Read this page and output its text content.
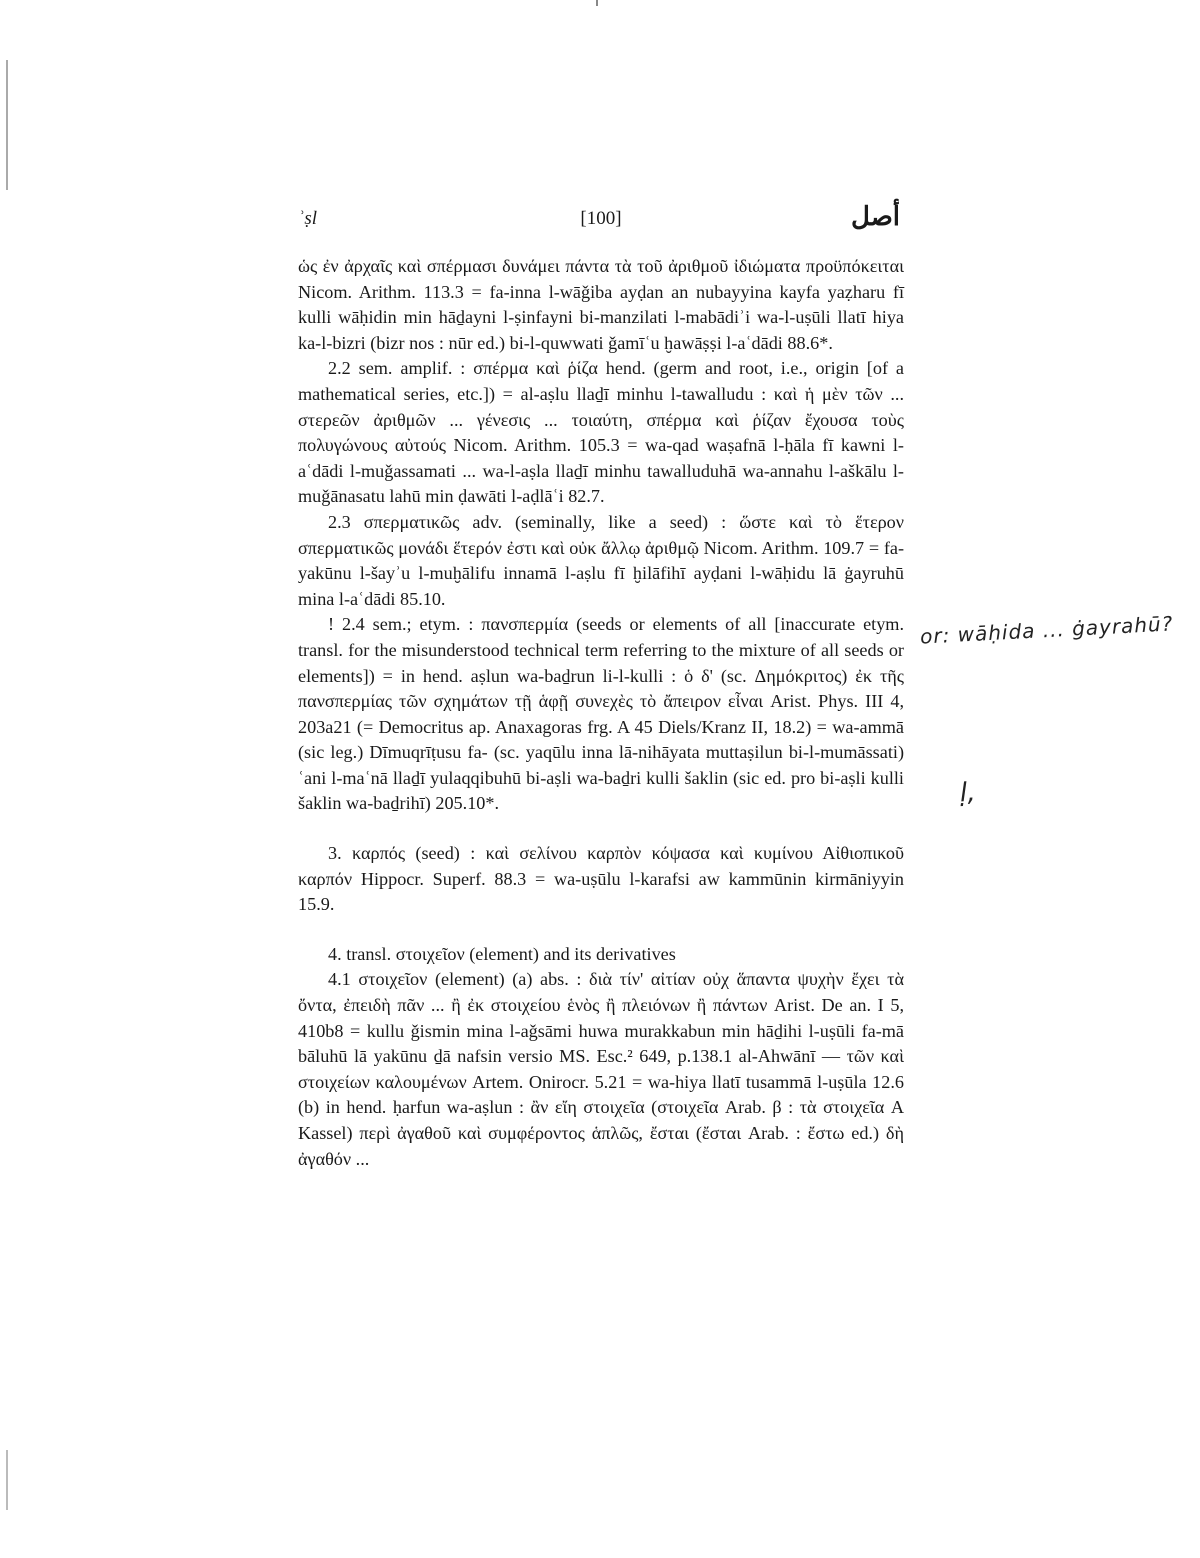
ʾṣl	[100]	أصل

ὡς ἐν ἀρχαῖς καὶ σπέρμασι δυνάμει πάντα τὰ τοῦ ἀριθμοῦ ἰδιώματα προϋπόκειται Nicom. Arithm. 113.3 = fa-inna l-wāǧiba ayḍan an nubayyina kayfa yaẓharu fī kulli wāḥidin min hāḏayni l-ṣinfayni bi-manzilati l-mabādiʾi wa-l-uṣūli llatī hiya ka-l-bizri (bizr nos : nūr ed.) bi-l-quwwati ǧamīʿu ḫawāṣṣi l-aʿdādi 88.6*.

2.2 sem. amplif. : σπέρμα καὶ ῥίζα hend. (germ and root, i.e., origin [of a mathematical series, etc.]) = al-aṣlu llaḏī minhu l-tawalludu : καὶ ἡ μὲν τῶν ... στερεῶν ἀριθμῶν ... γένεσις ... τοιαύτη, σπέρμα καὶ ῥίζαν ἔχουσα τοὺς πολυγώνους αὐτούς Nicom. Arithm. 105.3 = wa-qad waṣafnā l-ḥāla fī kawni l-aʿdādi l-muǧassamati ... wa-l-aṣla llaḏī minhu tawalluduhā wa-annahu l-aškālu l-muǧānasatu lahū min ḍawāti l-aḍlāʿi 82.7.

2.3 σπερματικῶς adv. (seminally, like a seed) : ὥστε καὶ τὸ ἕτερον σπερματικῶς μονάδι ἕτερόν ἐστι καὶ οὐκ ἄλλῳ ἀριθμῷ Nicom. Arithm. 109.7 = fa-yakūnu l-šayʾu l-muḫālifu innamā l-aṣlu fī ḫilāfihī ayḍani l-wāḥidu lā ġayruhū mina l-aʿdādi 85.10.

! 2.4 sem.; etym. : πανσπερμία (seeds or elements of all [inaccurate etym. transl. for the misunderstood technical term referring to the mixture of all seeds or elements]) = in hend. aṣlun wa-baḏrun li-l-kulli : ὁ δ' (sc. Δημόκριτος) ἐκ τῆς πανσπερμίας τῶν σχημάτων τῇ ἁφῇ συνεχὲς τὸ ἄπειρον εἶναι Arist. Phys. III 4, 203a21 (= Democritus ap. Anaxagoras frg. A 45 Diels/Kranz II, 18.2) = wa-ammā (sic leg.) Dīmuqrīṭusu fa- (sc. yaqūlu inna lā-nihāyata muttaṣilun bi-l-mumāssati) ʿani l-maʿnā llaḏī yulaqqibuhū bi-aṣli wa-baḏri kulli šaklin (sic ed. pro bi-aṣli kulli šaklin wa-baḏrihī) 205.10*.

3. καρπός (seed) : καὶ σελίνου καρπὸν κόψασα καὶ κυμίνου Αἰθιοπικοῦ καρπόν Hippocr. Superf. 88.3 = wa-uṣūlu l-karafsi aw kammūnin kirmāniyyin 15.9.

4. transl. στοιχεῖον (element) and its derivatives

4.1 στοιχεῖον (element) (a) abs. : διὰ τίν' αἰτίαν οὐχ ἅπαντα ψυχὴν ἔχει τὰ ὄντα, ἐπειδὴ πᾶν ... ἢ ἐκ στοιχείου ἑνὸς ἢ πλειόνων ἢ πάντων Arist. De an. I 5, 410b8 = kullu ǧismin mina l-aǧsāmi huwa murakkabun min hāḏihi l-uṣūli fa-mā bāluhū lā yakūnu ḏā nafsin versio MS. Esc.² 649, p.138.1 al-Ahwānī — τῶν καὶ στοιχείων καλουμένων Artem. Onirocr. 5.21 = wa-hiya llatī tusammā l-uṣūla 12.6 (b) in hend. ḥarfun wa-aṣlun : ἂν εἴη στοιχεῖα (στοιχεῖα Arab. β : τὰ στοιχεῖα A Kassel) περὶ ἀγαθοῦ καὶ συμφέροντος ἁπλῶς, ἔσται (ἔσται Arab. : ἔστω ed.) δὴ ἀγαθόν ...

or: wāḥida ... ġayrahū?
ḷ,
